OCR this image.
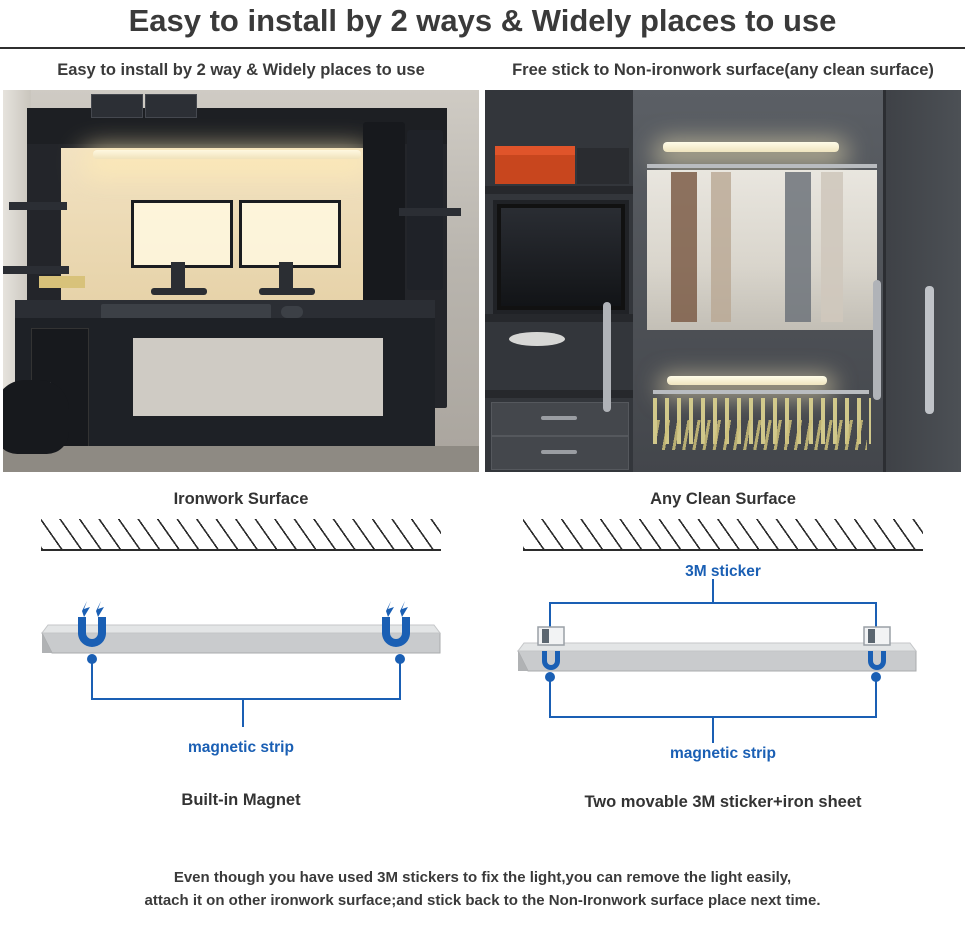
Easy to install by 2 ways & Widely places to use
Easy to install by 2 way & Widely places to use	Free stick to Non-ironwork surface(any clean surface)
Ironwork Surface
magnetic strip
Built-in Magnet
Any Clean Surface
3M sticker
magnetic strip
Two movable 3M sticker+iron sheet
Even though you have used 3M stickers to fix the light,you can remove the light easily,
attach it on other ironwork surface;and stick back to the Non-Ironwork surface place next time.
